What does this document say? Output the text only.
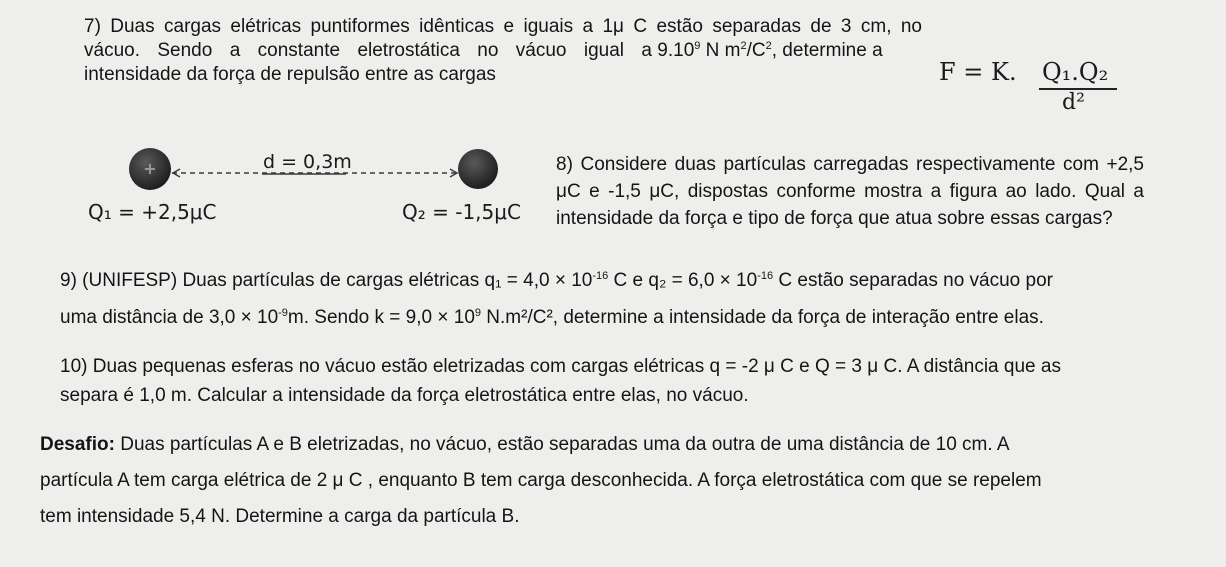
7) Duas cargas elétricas puntiformes idênticas e iguais a 1μ C estão separadas de 3 cm, no
vácuo. Sendo a constante eletrostática no vácuo igual a 9.10$^9$ N $m^2/C^2$, determine a
intensidade da força de repulsão entre as cargas	F = K. Q₁.Q₂
d²
+	-
d = 0,3m
Q₁ = +2,5μC	Q₂ = -1,5μC
8) Considere duas partículas carregadas respectivamente com +2,5
μC e -1,5 μC, dispostas conforme mostra a figura ao lado. Qual a
intensidade da força e tipo de força que atua sobre essas cargas?
9) (UNIFESP) Duas partículas de cargas elétricas $q_1 = 4,0 \times 10^{-16}$ C e $q_2 = 6,0 \times 10^{-16}$ C estão separadas no vácuo por
uma distância de $3,0 \times 10^{-9}m$. Sendo $k = 9,0 \times 10^9$ N.m²/C², determine a intensidade da força de interação entre elas.
10) Duas pequenas esferas no vácuo estão eletrizadas com cargas elétricas q = -2 μ C e Q = 3 μ C. A distância que as
separa é 1,0 m. Calcular a intensidade da força eletrostática entre elas, no vácuo.
Desafio: Duas partículas A e B eletrizadas, no vácuo, estão separadas uma da outra de uma distância de 10 cm. A
partícula A tem carga elétrica de 2 μ C , enquanto B tem carga desconhecida. A força eletrostática com que se repelem
tem intensidade 5,4 N. Determine a carga da partícula B.
